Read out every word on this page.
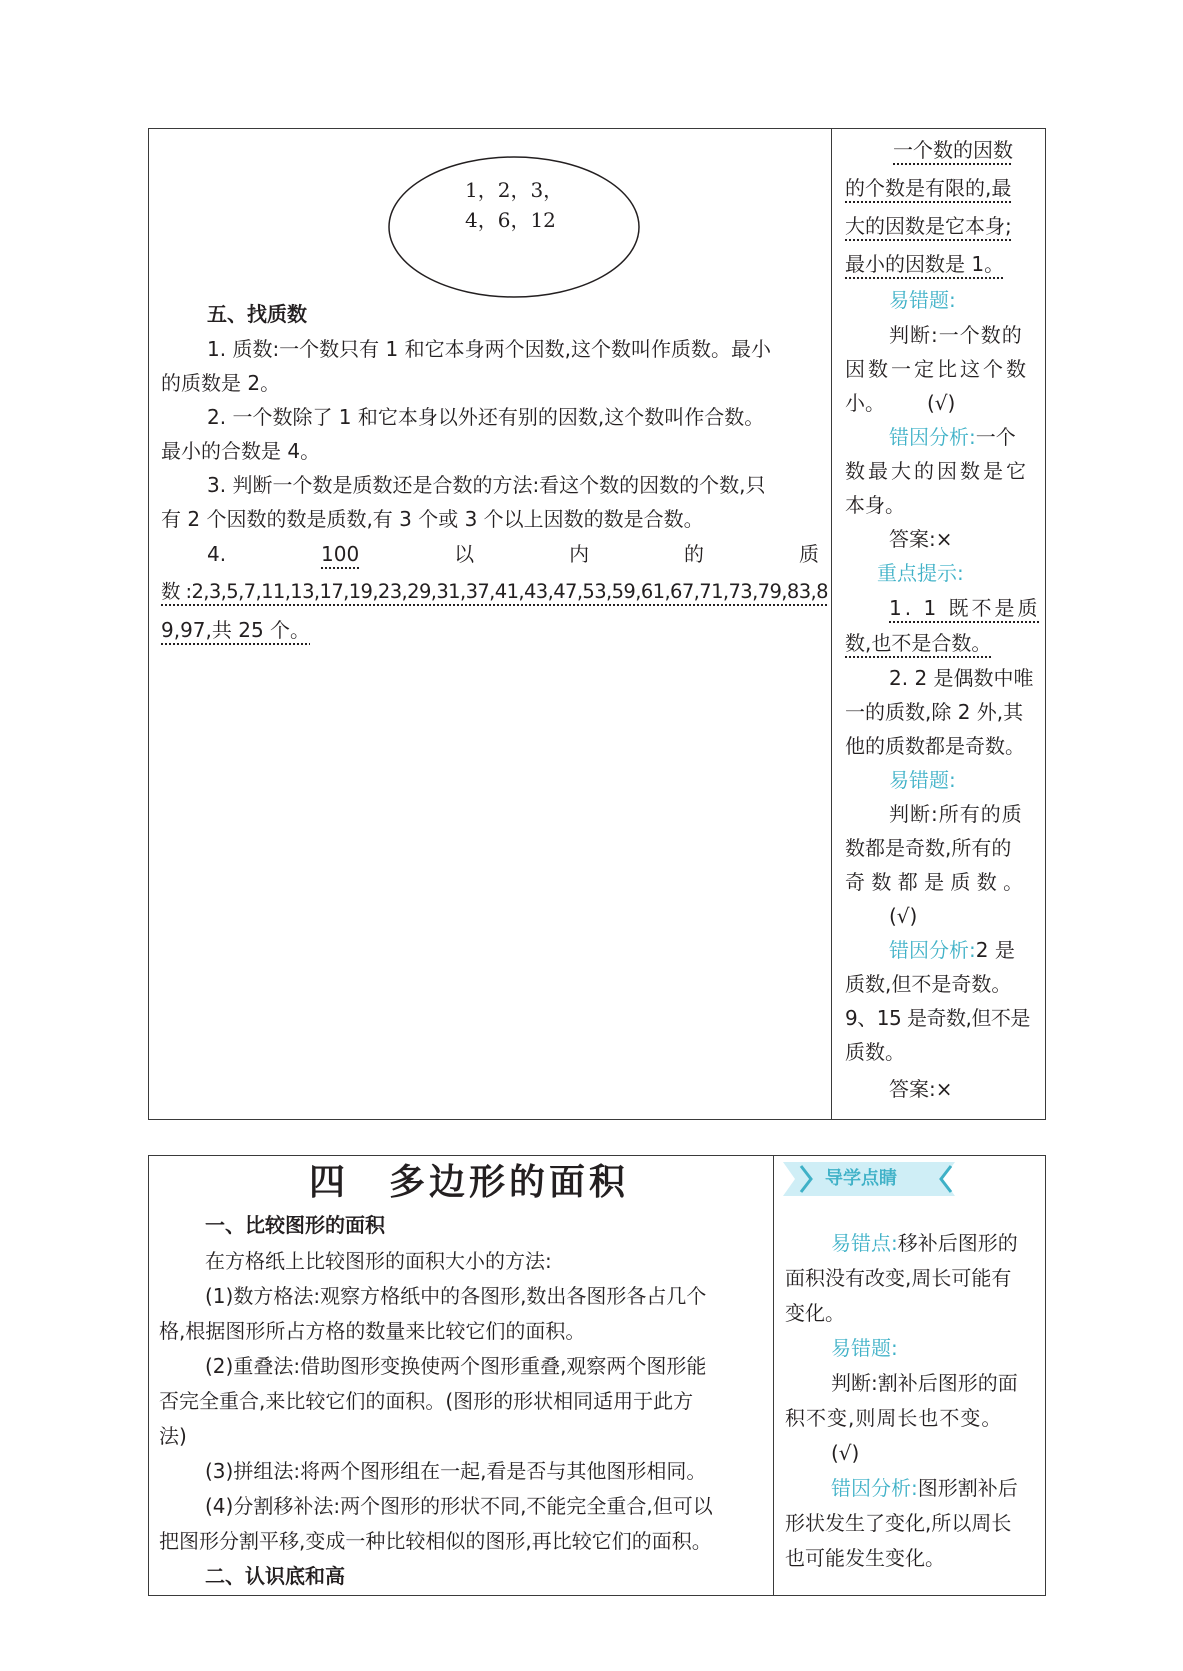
1，2，3，
4，6，12
五、找质数
1. 质数:一个数只有 1 和它本身两个因数,这个数叫作质数。最小
的质数是 2。
2. 一个数除了 1 和它本身以外还有别的因数,这个数叫作合数。
最小的合数是 4。
3. 判断一个数是质数还是合数的方法:看这个数的因数的个数,只
有 2 个因数的数是质数,有 3 个或 3 个以上因数的数是合数。
4.	100	以	内	的	质
数 :2,3,5,7,11,13,17,19,23,29,31,37,41,43,47,53,59,61,67,71,73,79,83,8
9,97,共 25 个。
一个数的因数
的个数是有限的,最
大的因数是它本身;
最小的因数是 1。
易错题:
判断:一个数的
因数一定比这个数
小。 (√)
错因分析:一个
数最大的因数是它
本身。
答案:×
重点提示:
1. 1 既不是质
数,也不是合数。
2. 2 是偶数中唯
一的质数,除 2 外,其
他的质数都是奇数。
易错题:
判断:所有的质
数都是奇数,所有的
奇 数 都 是 质 数 。
(√)
错因分析:2 是
质数,但不是奇数。
9、15 是奇数,但不是
质数。
答案:×
四　多边形的面积
一、比较图形的面积
在方格纸上比较图形的面积大小的方法:
(1)数方格法:观察方格纸中的各图形,数出各图形各占几个
格,根据图形所占方格的数量来比较它们的面积。
(2)重叠法:借助图形变换使两个图形重叠,观察两个图形能
否完全重合,来比较它们的面积。(图形的形状相同适用于此方
法)
(3)拼组法:将两个图形组在一起,看是否与其他图形相同。
(4)分割移补法:两个图形的形状不同,不能完全重合,但可以
把图形分割平移,变成一种比较相似的图形,再比较它们的面积。
二、认识底和高
导学点睛
易错点:移补后图形的
面积没有改变,周长可能有
变化。
易错题:
判断:割补后图形的面
积不变,则周长也不变。
(√)
错因分析:图形割补后
形状发生了变化,所以周长
也可能发生变化。
